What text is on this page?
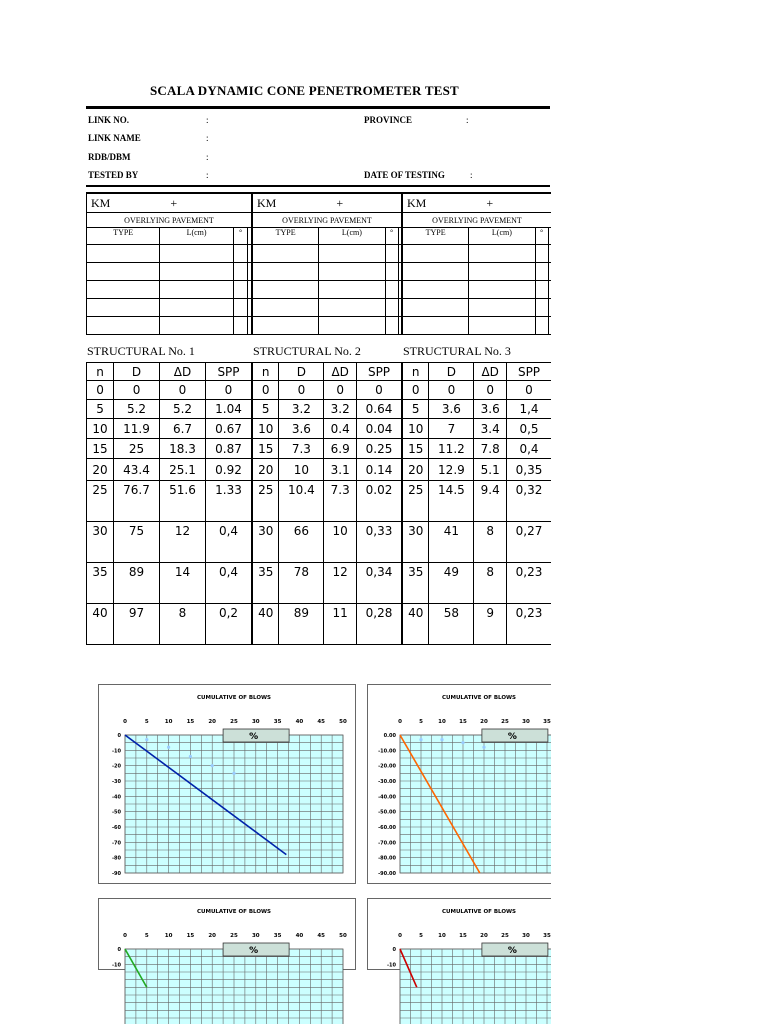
SCALA DYNAMIC CONE PENETROMETER TEST
LINK NO.	:	PROVINCE	:
LINK NAME	:
RDB/DBM	:
TESTED BY	:	DATE OF TESTING	:
KM +			
OVERLYING PAVEMENT			
TYPE	L(cm)	°	

KM +			
OVERLYING PAVEMENT			
TYPE	L(cm)	°	

KM +			
OVERLYING PAVEMENT			
TYPE	L(cm)	°	

STRUCTURAL No. 1
n	D	ΔD	SPP
0	0	0	0
5	5.2	5.2	1.04
10	11.9	6.7	0.67
15	25	18.3	0.87
20	43.4	25.1	0.92
25	76.7	51.6	1.33
30	75	12	0,4
35	89	14	0,4
40	97	8	0,2
STRUCTURAL No. 2
n	D	ΔD	SPP
0	0	0	0
5	3.2	3.2	0.64
10	3.6	0.4	0.04
15	7.3	6.9	0.25
20	10	3.1	0.14
25	10.4	7.3	0.02
30	66	10	0,33
35	78	12	0,34
40	89	11	0,28
STRUCTURAL No. 3
n	D	ΔD	SPP
0	0	0	0
5	3.6	3.6	1,4
10	7	3.4	0,5
15	11.2	7.8	0,4
20	12.9	5.1	0,35
25	14.5	9.4	0,32
30	41	8	0,27
35	49	8	0,23
40	58	9	0,23
CUMULATIVE OF BLOWS
0	5	10	15	20	25	30	35	40	45	50
0
-10
-20
-30
-40
-50
-60
-70
-80
-90
%
CUMULATIVE OF BLOWS
0	5	10 15 20 25 30 35
0.00
-10.00
-20.00
-30.00
-40.00
-50.00
-60.00
-70.00
-80.00
-90.00
%
CUMULATIVE OF BLOWS
0	5	10	15	20	25	30	35	40	45	50
0
-10
%
CUMULATIVE OF BLOWS
0	5	10 15 20 25 30 35
0
-10
%
